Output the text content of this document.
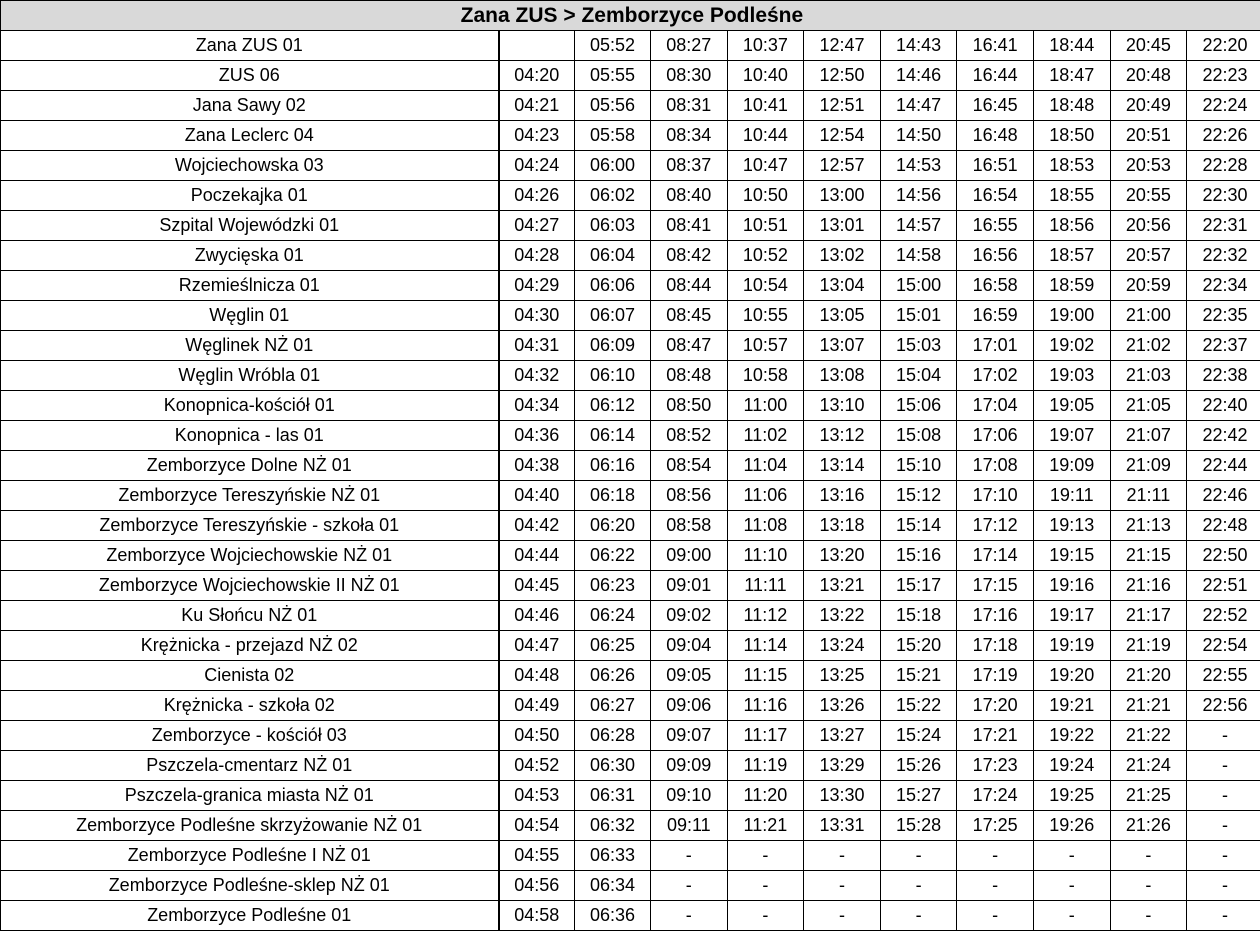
Zana ZUS > Zemborzyce Podleśne										
Zana ZUS 01		05:52	08:27	10:37	12:47	14:43	16:41	18:44	20:45	22:20
ZUS 06	04:20	05:55	08:30	10:40	12:50	14:46	16:44	18:47	20:48	22:23
Jana Sawy 02	04:21	05:56	08:31	10:41	12:51	14:47	16:45	18:48	20:49	22:24
Zana Leclerc 04	04:23	05:58	08:34	10:44	12:54	14:50	16:48	18:50	20:51	22:26
Wojciechowska 03	04:24	06:00	08:37	10:47	12:57	14:53	16:51	18:53	20:53	22:28
Poczekajka 01	04:26	06:02	08:40	10:50	13:00	14:56	16:54	18:55	20:55	22:30
Szpital Wojewódzki 01	04:27	06:03	08:41	10:51	13:01	14:57	16:55	18:56	20:56	22:31
Zwycięska 01	04:28	06:04	08:42	10:52	13:02	14:58	16:56	18:57	20:57	22:32
Rzemieślnicza 01	04:29	06:06	08:44	10:54	13:04	15:00	16:58	18:59	20:59	22:34
Węglin 01	04:30	06:07	08:45	10:55	13:05	15:01	16:59	19:00	21:00	22:35
Węglinek NŻ 01	04:31	06:09	08:47	10:57	13:07	15:03	17:01	19:02	21:02	22:37
Węglin Wróbla 01	04:32	06:10	08:48	10:58	13:08	15:04	17:02	19:03	21:03	22:38
Konopnica-kościół 01	04:34	06:12	08:50	11:00	13:10	15:06	17:04	19:05	21:05	22:40
Konopnica - las 01	04:36	06:14	08:52	11:02	13:12	15:08	17:06	19:07	21:07	22:42
Zemborzyce Dolne NŻ 01	04:38	06:16	08:54	11:04	13:14	15:10	17:08	19:09	21:09	22:44
Zemborzyce Tereszyńskie NŻ 01	04:40	06:18	08:56	11:06	13:16	15:12	17:10	19:11	21:11	22:46
Zemborzyce Tereszyńskie - szkoła 01	04:42	06:20	08:58	11:08	13:18	15:14	17:12	19:13	21:13	22:48
Zemborzyce Wojciechowskie NŻ 01	04:44	06:22	09:00	11:10	13:20	15:16	17:14	19:15	21:15	22:50
Zemborzyce Wojciechowskie II NŻ 01	04:45	06:23	09:01	11:11	13:21	15:17	17:15	19:16	21:16	22:51
Ku Słońcu NŻ 01	04:46	06:24	09:02	11:12	13:22	15:18	17:16	19:17	21:17	22:52
Krężnicka - przejazd NŻ 02	04:47	06:25	09:04	11:14	13:24	15:20	17:18	19:19	21:19	22:54
Cienista 02	04:48	06:26	09:05	11:15	13:25	15:21	17:19	19:20	21:20	22:55
Krężnicka - szkoła 02	04:49	06:27	09:06	11:16	13:26	15:22	17:20	19:21	21:21	22:56
Zemborzyce - kościół 03	04:50	06:28	09:07	11:17	13:27	15:24	17:21	19:22	21:22	-
Pszczela-cmentarz NŻ 01	04:52	06:30	09:09	11:19	13:29	15:26	17:23	19:24	21:24	-
Pszczela-granica miasta NŻ 01	04:53	06:31	09:10	11:20	13:30	15:27	17:24	19:25	21:25	-
Zemborzyce Podleśne skrzyżowanie NŻ 01	04:54	06:32	09:11	11:21	13:31	15:28	17:25	19:26	21:26	-
Zemborzyce Podleśne I NŻ 01	04:55	06:33	-	-	-	-	-	-	-	-
Zemborzyce Podleśne-sklep NŻ 01	04:56	06:34	-	-	-	-	-	-	-	-
Zemborzyce Podleśne 01	04:58	06:36	-	-	-	-	-	-	-	-
